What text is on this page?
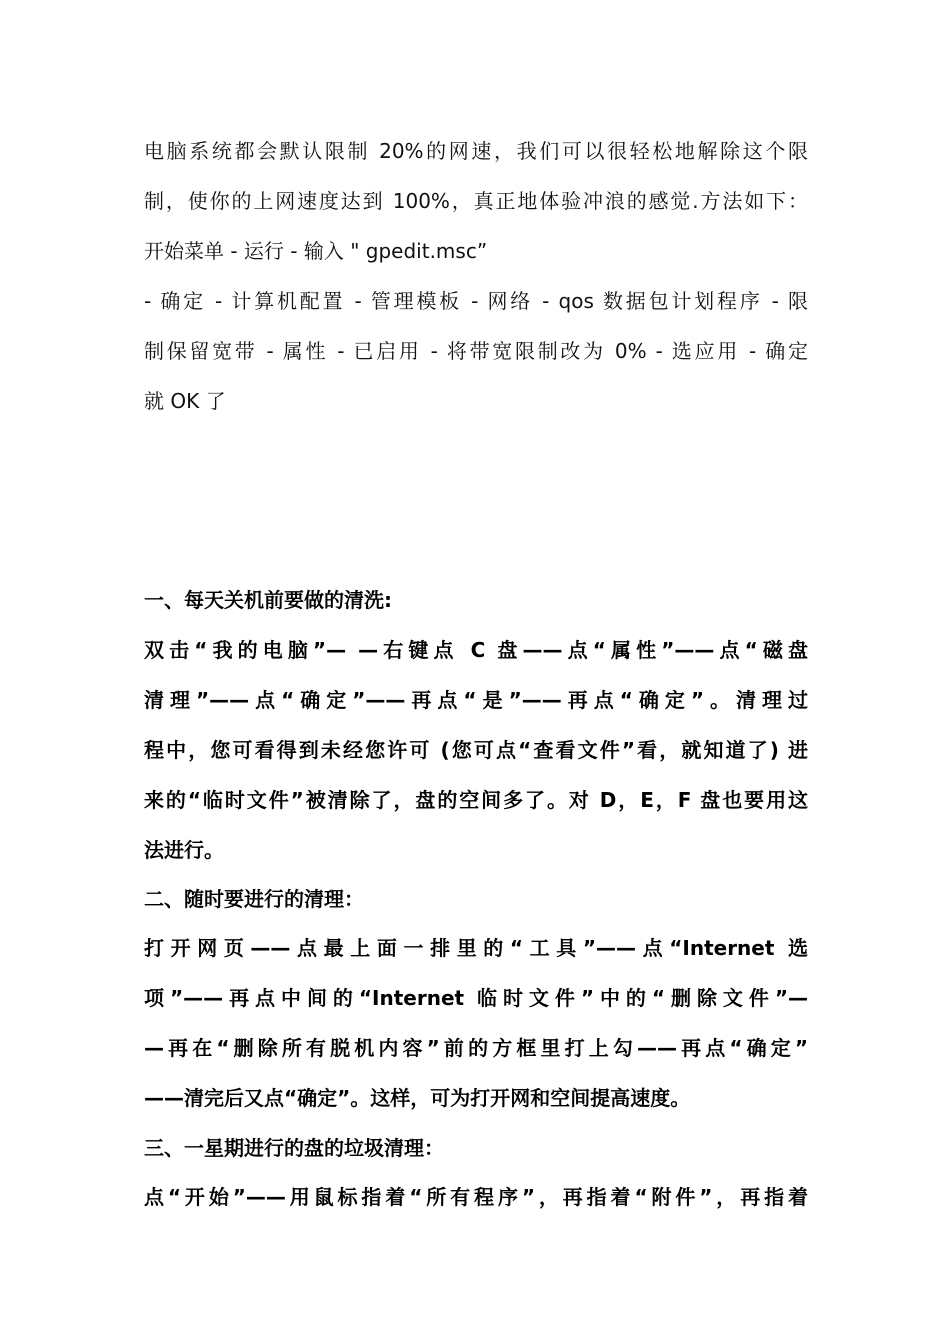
电脑系统都会默认限制 20%的网速，我们可以很轻松地解除这个限
制，使你的上网速度达到 100%，真正地体验冲浪的感觉.方法如下：
开始菜单 - 运行 - 输入 " gpedit.msc”
- 确定 - 计算机配置 - 管理模板 - 网络 - qos 数据包计划程序 - 限
制保留宽带 - 属性 - 已启用 - 将带宽限制改为 0% - 选应用 - 确定
就 OK 了
一、每天关机前要做的清洗:
双击“我的电脑”— —右键点 C 盘——点“属性”——点“磁盘
清理”——点“确定”——再点“是”——再点“确定”。清理过
程中，您可看得到未经您许可 (您可点“查看文件”看，就知道了) 进
来的“临时文件”被清除了，盘的空间多了。对 D，E，F 盘也要用这
法进行。
二、随时要进行的清理：
打开网页——点最上面一排里的“工具”——点“Internet 选
项”——再点中间的“Internet 临时文件”中的“删除文件”—
—再在“删除所有脱机内容”前的方框里打上勾——再点“确定”
——清完后又点“确定”。这样，可为打开网和空间提高速度。
三、一星期进行的盘的垃圾清理：
点“开始”——用鼠标指着“所有程序”，再指着“附件”，再指着
